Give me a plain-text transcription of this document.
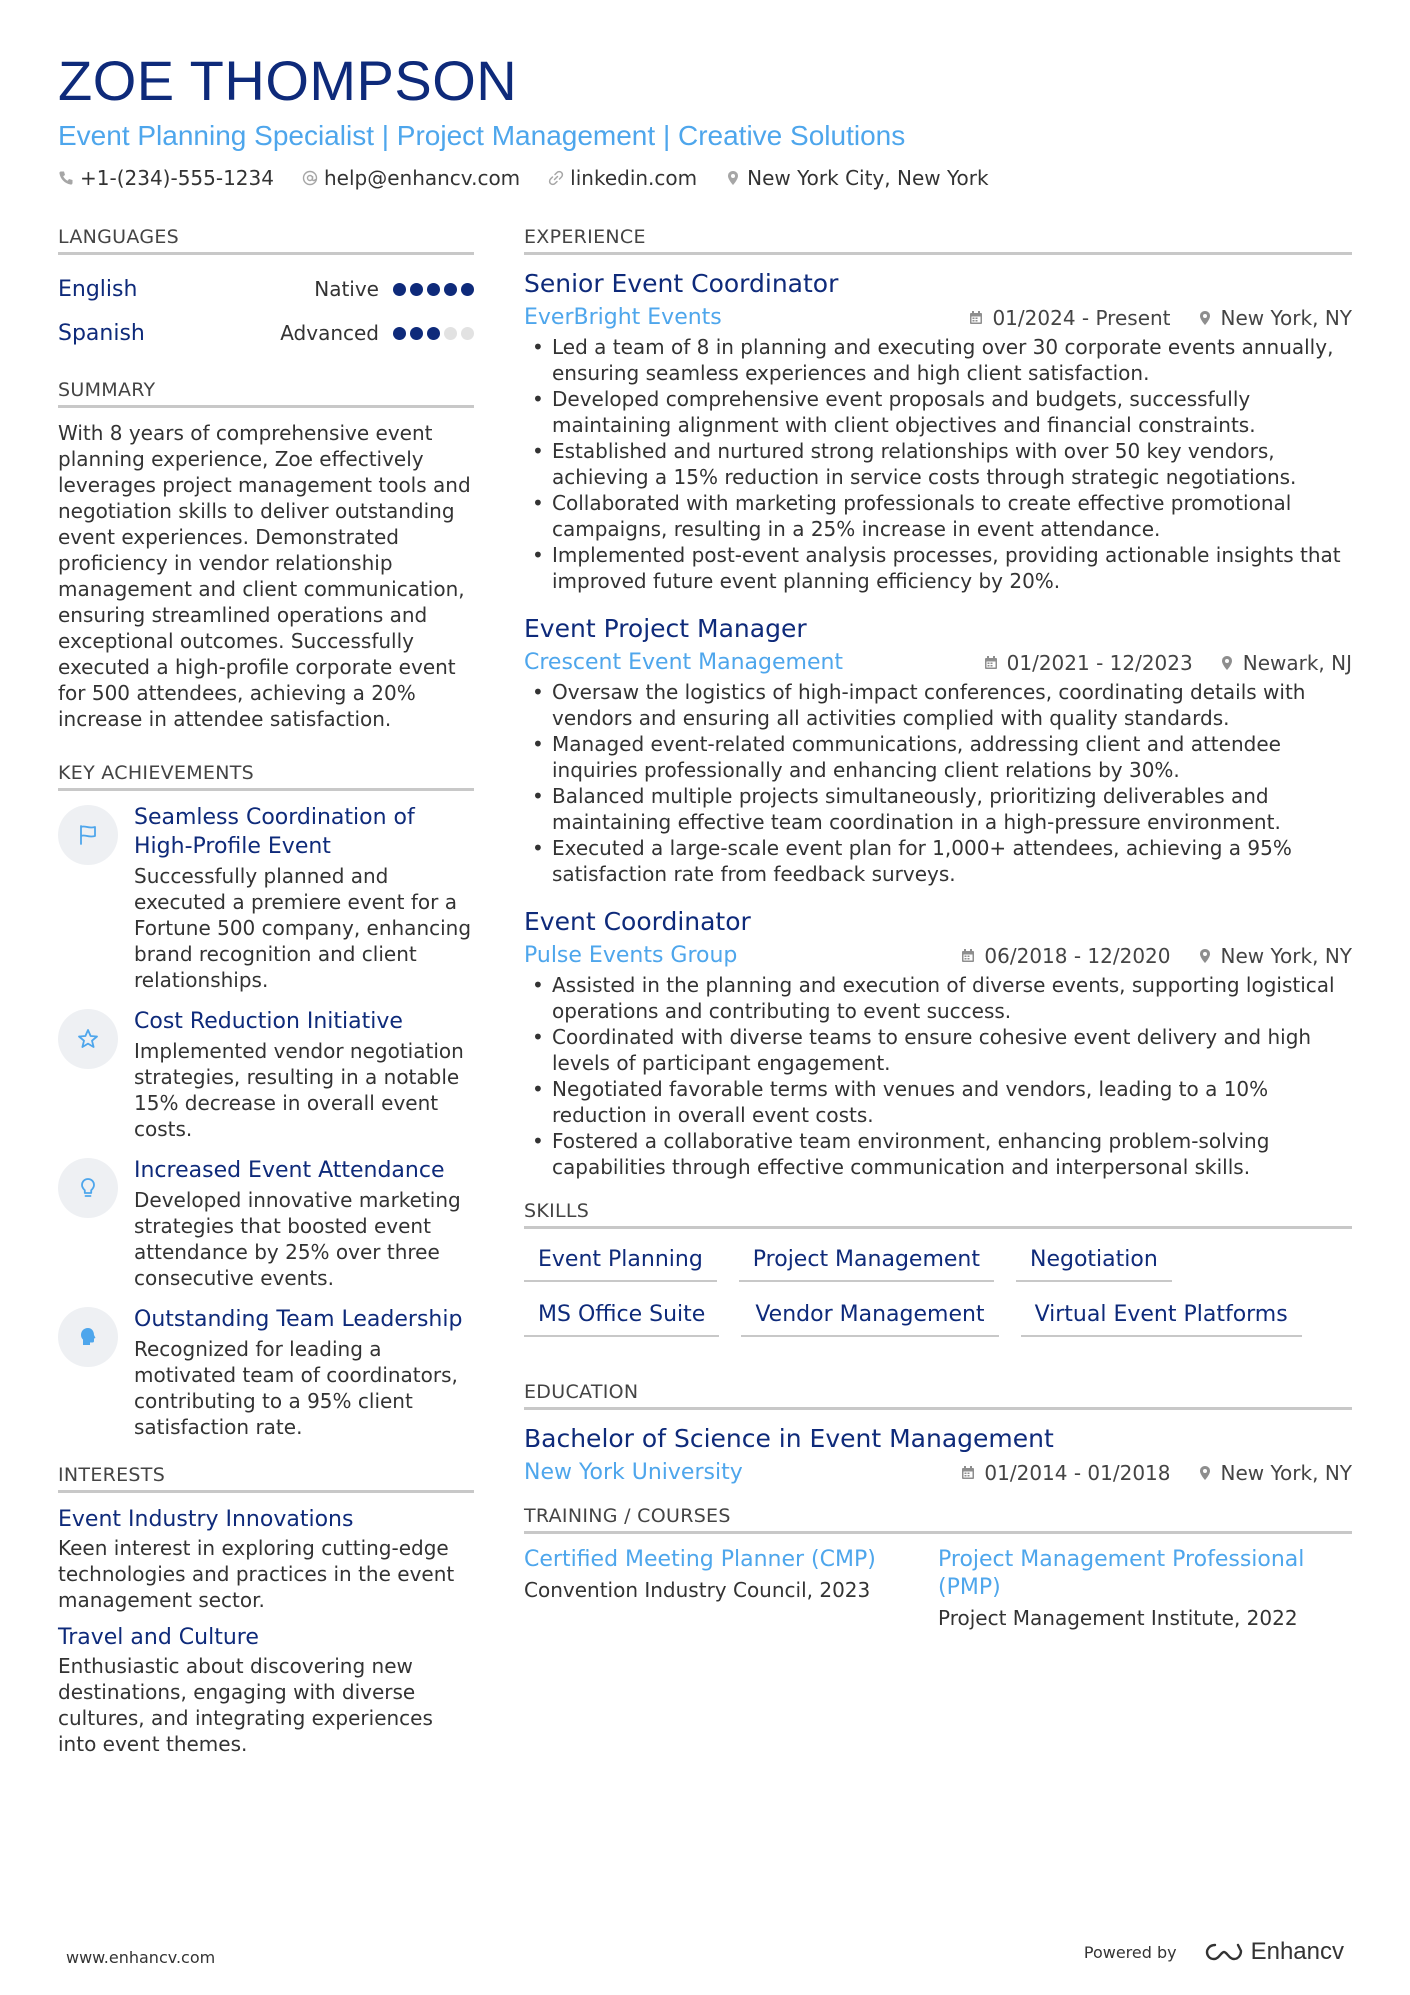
ZOE THOMPSON
Event Planning Specialist | Project Management | Creative Solutions
+1-(234)-555-1234	help@enhancv.com	linkedin.com	New York City, New York
LANGUAGES
English	Native
Spanish	Advanced
SUMMARY
With 8 years of comprehensive event planning experience, Zoe effectively leverages project management tools and negotiation skills to deliver outstanding event experiences. Demonstrated proficiency in vendor relationship management and client communication, ensuring streamlined operations and exceptional outcomes. Successfully executed a high-profile corporate event for 500 attendees, achieving a 20% increase in attendee satisfaction.
KEY ACHIEVEMENTS
Seamless Coordination of High-Profile Event
Successfully planned and executed a premiere event for a Fortune 500 company, enhancing brand recognition and client relationships.
Cost Reduction Initiative
Implemented vendor negotiation strategies, resulting in a notable 15% decrease in overall event costs.
Increased Event Attendance
Developed innovative marketing strategies that boosted event attendance by 25% over three consecutive events.
Outstanding Team Leadership
Recognized for leading a motivated team of coordinators, contributing to a 95% client satisfaction rate.
INTERESTS
Event Industry Innovations
Keen interest in exploring cutting-edge technologies and practices in the event management sector.
Travel and Culture
Enthusiastic about discovering new destinations, engaging with diverse cultures, and integrating experiences into event themes.
EXPERIENCE
Senior Event Coordinator
EverBright Events	01/2024 - Present	New York, NY
• Led a team of 8 in planning and executing over 30 corporate events annually, ensuring seamless experiences and high client satisfaction.
• Developed comprehensive event proposals and budgets, successfully maintaining alignment with client objectives and financial constraints.
• Established and nurtured strong relationships with over 50 key vendors, achieving a 15% reduction in service costs through strategic negotiations.
• Collaborated with marketing professionals to create effective promotional campaigns, resulting in a 25% increase in event attendance.
• Implemented post-event analysis processes, providing actionable insights that improved future event planning efficiency by 20%.
Event Project Manager
Crescent Event Management	01/2021 - 12/2023	Newark, NJ
• Oversaw the logistics of high-impact conferences, coordinating details with vendors and ensuring all activities complied with quality standards.
• Managed event-related communications, addressing client and attendee inquiries professionally and enhancing client relations by 30%.
• Balanced multiple projects simultaneously, prioritizing deliverables and maintaining effective team coordination in a high-pressure environment.
• Executed a large-scale event plan for 1,000+ attendees, achieving a 95% satisfaction rate from feedback surveys.
Event Coordinator
Pulse Events Group	06/2018 - 12/2020	New York, NY
• Assisted in the planning and execution of diverse events, supporting logistical operations and contributing to event success.
• Coordinated with diverse teams to ensure cohesive event delivery and high levels of participant engagement.
• Negotiated favorable terms with venues and vendors, leading to a 10% reduction in overall event costs.
• Fostered a collaborative team environment, enhancing problem-solving capabilities through effective communication and interpersonal skills.
SKILLS
Event Planning	Project Management	Negotiation
MS Office Suite	Vendor Management	Virtual Event Platforms
EDUCATION
Bachelor of Science in Event Management
New York University	01/2014 - 01/2018	New York, NY
TRAINING / COURSES
Certified Meeting Planner (CMP)
Convention Industry Council, 2023
Project Management Professional (PMP)
Project Management Institute, 2022
www.enhancv.com	Powered by	Enhancv
